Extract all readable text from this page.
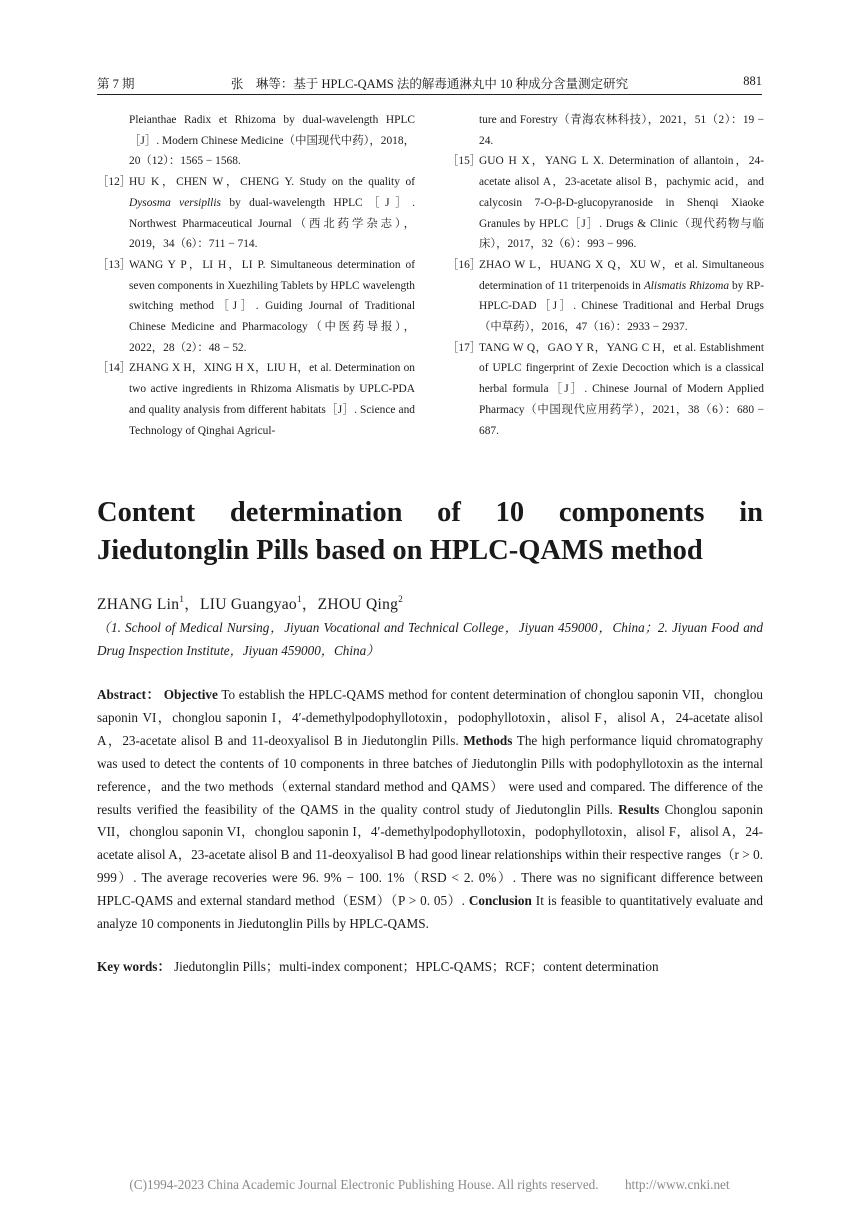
第 7 期	张　琳等：基于 HPLC-QAMS 法的解毒通淋丸中 10 种成分含量测定研究	881
Pleianthae Radix et Rhizoma by dual-wavelength HPLC［J］. Modern Chinese Medicine（中国现代中药），2018，20（12）：1565 − 1568.
［12］
HU K，CHEN W，CHENG Y. Study on the quality of Dysosma versipllis by dual-wavelength HPLC［J］. Northwest Pharmaceutical Journal（西北药学杂志），2019，34（6）：711 − 714.
［13］
WANG Y P，LI H，LI P. Simultaneous determination of seven components in Xuezhiling Tablets by HPLC wavelength switching method［J］. Guiding Journal of Traditional Chinese Medicine and Pharmacology（中医药导报），2022，28（2）：48 − 52.
［14］
ZHANG X H，XING H X，LIU H，et al. Determination on two active ingredients in Rhizoma Alismatis by UPLC-PDA and quality analysis from different habitats［J］. Science and Technology of Qinghai Agricul-
ture and Forestry（青海农林科技），2021，51（2）：19 − 24.
［15］
GUO H X，YANG L X. Determination of allantoin，24-acetate alisol A，23-acetate alisol B，pachymic acid，and calycosin 7-O-β-D-glucopyranoside in Shenqi Xiaoke Granules by HPLC［J］. Drugs & Clinic（现代药物与临床），2017，32（6）：993 − 996.
［16］
ZHAO W L，HUANG X Q，XU W，et al. Simultaneous determination of 11 triterpenoids in Alismatis Rhizoma by RP-HPLC-DAD［J］. Chinese Traditional and Herbal Drugs（中草药），2016，47（16）：2933 − 2937.
［17］
TANG W Q，GAO Y R，YANG C H，et al. Establishment of UPLC fingerprint of Zexie Decoction which is a classical herbal formula［J］. Chinese Journal of Modern Applied Pharmacy（中国现代应用药学），2021，38（6）：680 − 687.
Content determination of 10 components in
Jiedutonglin Pills based on HPLC-QAMS method
ZHANG Lin$^1$，LIU Guangyao$^1$，ZHOU Qing$^2$
（1. School of Medical Nursing，Jiyuan Vocational and Technical College，Jiyuan 459000，China；2. Jiyuan Food and Drug Inspection Institute，Jiyuan 459000，China）

Abstract： Objective To establish the HPLC-QAMS method for content determination of chonglou saponin VII，chonglou saponin VI，chonglou saponin I，4′-demethylpodophyllotoxin，podophyllotoxin，alisol F，alisol A，24-acetate alisol A，23-acetate alisol B and 11-deoxyalisol B in Jiedutonglin Pills. Methods The high performance liquid chromatography was used to detect the contents of 10 components in three batches of Jiedutonglin Pills with podophyllotoxin as the internal reference，and the two methods（external standard method and QAMS） were used and compared. The difference of the results verified the feasibility of the QAMS in the quality control study of Jiedutonglin Pills. Results Chonglou saponin VII，chonglou saponin VI，chonglou saponin I，4′-demethylpodophyllotoxin，podophyllotoxin，alisol F，alisol A，24-acetate alisol A，23-acetate alisol B and 11-deoxyalisol B had good linear relationships within their respective ranges（r > 0. 999）. The average recoveries were 96. 9% − 100. 1%（RSD < 2. 0%）. There was no significant difference between HPLC-QAMS and external standard method（ESM）（P > 0. 05）. Conclusion It is feasible to quantitatively evaluate and analyze 10 components in Jiedutonglin Pills by HPLC-QAMS.

Key words： Jiedutonglin Pills；multi-index component；HPLC-QAMS；RCF；content determination
(C)1994-2023 China Academic Journal Electronic Publishing House. All rights reserved.　　http://www.cnki.net
